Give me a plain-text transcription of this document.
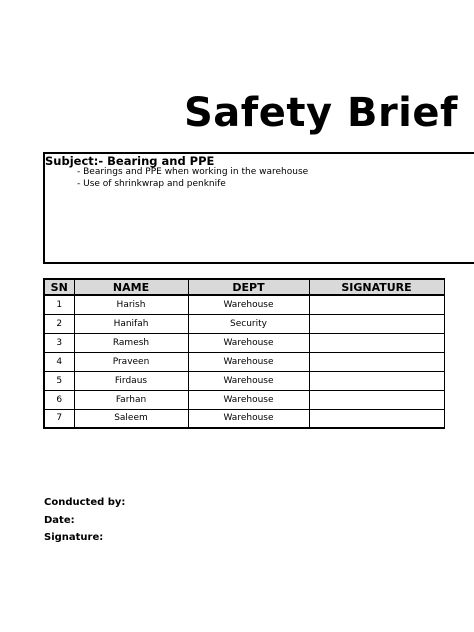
Safety Brief
Subject:- Bearing and PPE
- Bearings and PPE when working in the warehouse
- Use of shrinkwrap and penknife
SN	NAME	DEPT	SIGNATURE
1	Harish	Warehouse	
2	Hanifah	Security	
3	Ramesh	Warehouse	
4	Praveen	Warehouse	
5	Firdaus	Warehouse	
6	Farhan	Warehouse	
7	Saleem	Warehouse	
Conducted by:
Date:
Signature:
